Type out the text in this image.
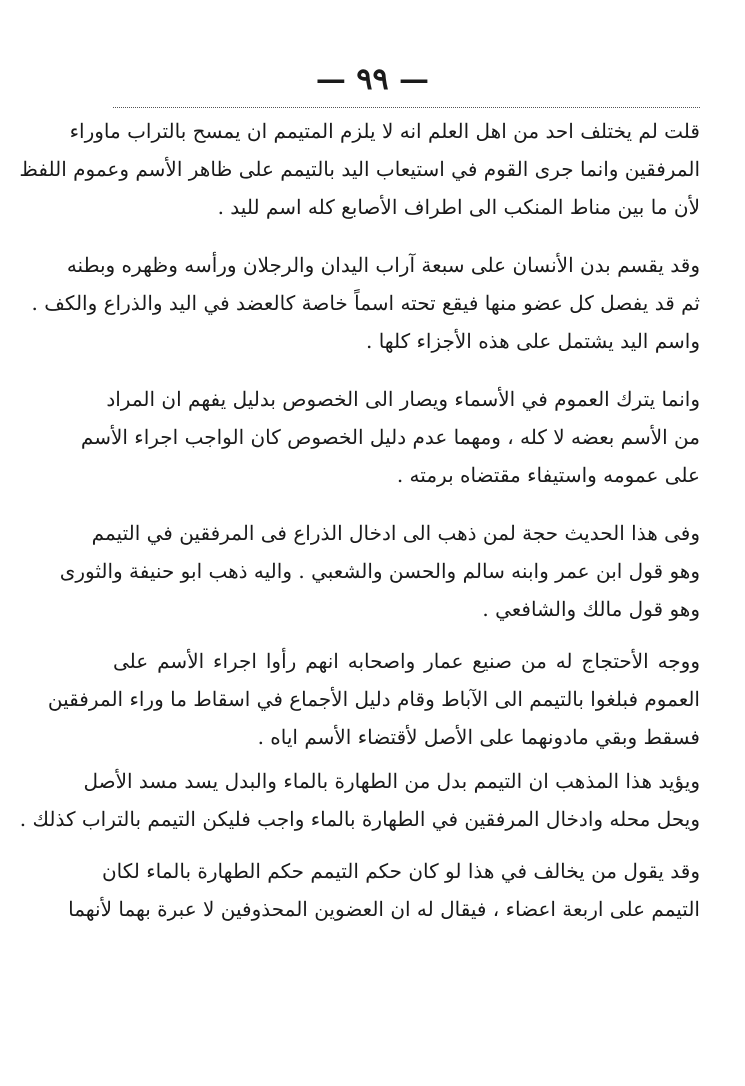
— ٩٩ —
قلت لم يختلف احد من اهل العلم انه لا يلزم المتيمم ان يمسح بالتراب ماوراء
المرفقين وانما جرى القوم في استيعاب اليد بالتيمم على ظاهر الأسم وعموم اللفظ
لأن ما بين مناط المنكب الى اطراف الأصابع كله اسم لليد .
وقد يقسم بدن الأنسان على سبعة آراب اليدان والرجلان ورأسه وظهره وبطنه
ثم قد يفصل كل عضو منها فيقع تحته اسماً خاصة كالعضد في اليد والذراع والكف .
واسم اليد يشتمل على هذه الأجزاء كلها .
وانما يترك العموم في الأسماء ويصار الى الخصوص بدليل يفهم ان المراد
من الأسم بعضه لا كله ، ومهما عدم دليل الخصوص كان الواجب اجراء الأسم
على عمومه واستيفاء مقتضاه برمته .
وفى هذا الحديث حجة لمن ذهب الى ادخال الذراع فى المرفقين في التيمم
وهو قول ابن عمر وابنه سالم والحسن والشعبي . واليه ذهب ابو حنيفة والثورى
وهو قول مالك والشافعي .
ووجه الأحتجاج له من صنيع عمار واصحابه انهم رأوا اجراء الأسم على
العموم فبلغوا بالتيمم الى الآباط وقام دليل الأجماع في اسقاط ما وراء المرفقين
فسقط وبقي مادونهما على الأصل لأقتضاء الأسم اياه .
ويؤيد هذا المذهب ان التيمم بدل من الطهارة بالماء والبدل يسد مسد الأصل
ويحل محله وادخال المرفقين في الطهارة بالماء واجب فليكن التيمم بالتراب كذلك .
وقد يقول من يخالف في هذا لو كان حكم التيمم حكم الطهارة بالماء لكان
التيمم على اربعة اعضاء ، فيقال له ان العضوين المحذوفين لا عبرة بهما لأنهما
